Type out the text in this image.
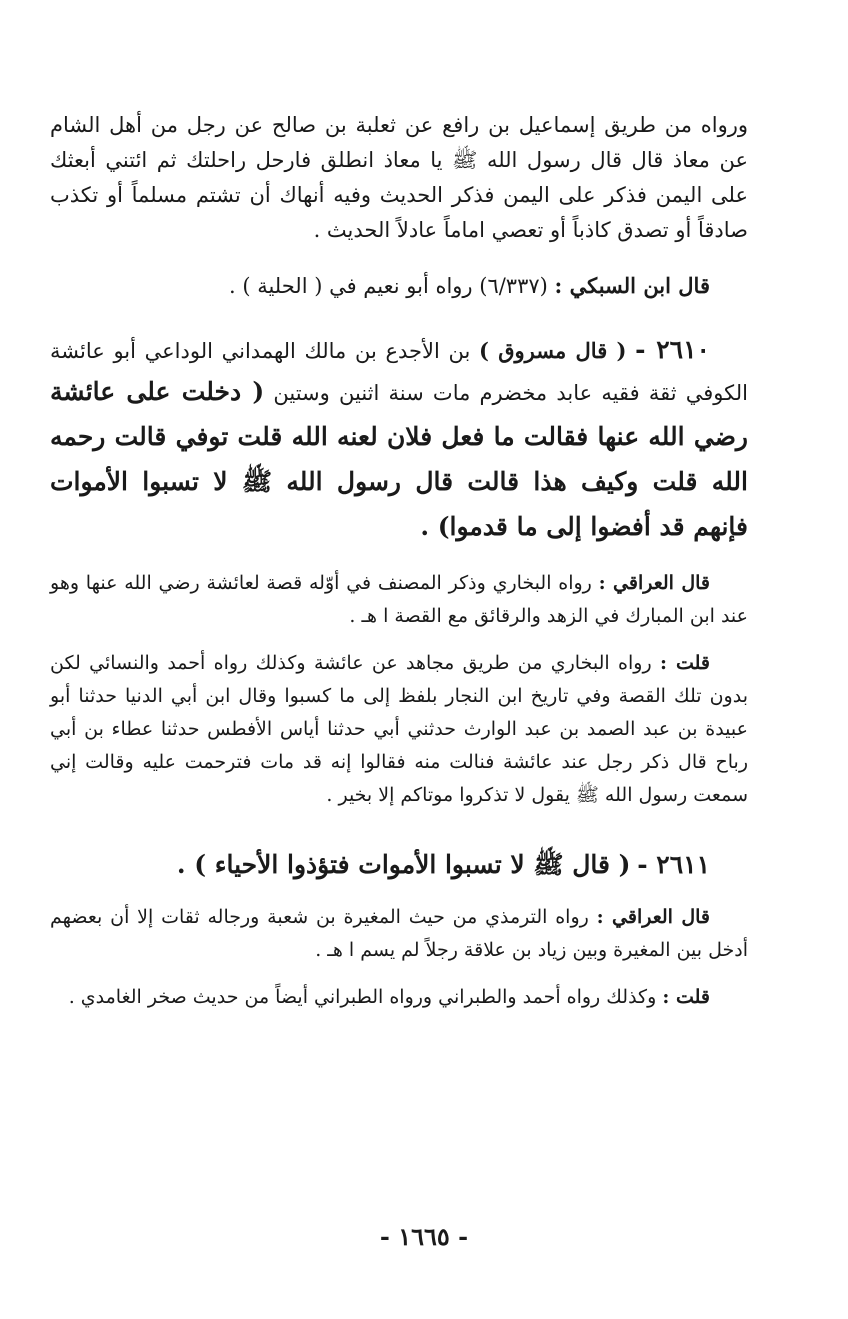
ورواه من طريق إسماعيل بن رافع عن ثعلبة بن صالح عن رجل من أهل الشام عن معاذ قال قال رسول الله ﷺ يا معاذ انطلق فارحل راحلتك ثم ائتني أبعثك على اليمن فذكر على اليمن فذكر الحديث وفيه أنهاك أن تشتم مسلماً أو تكذب صادقاً أو تصدق كاذباً أو تعصي اماماً عادلاً الحديث .

قال ابن السبكي : (٦/٣٣٧) رواه أبو نعيم في ( الحلية ) .

٢٦١٠ - ( قال مسروق ) بن الأجدع بن مالك الهمداني الوداعي أبو عائشة الكوفي ثقة فقيه عابد مخضرم مات سنة اثنين وستين ( دخلت على عائشة رضي الله عنها فقالت ما فعل فلان لعنه الله قلت توفي قالت رحمه الله قلت وكيف هذا قالت قال رسول الله ﷺ لا تسبوا الأموات فإنهم قد أفضوا إلى ما قدموا) .

قال العراقي : رواه البخاري وذكر المصنف في أوّله قصة لعائشة رضي الله عنها وهو عند ابن المبارك في الزهد والرقائق مع القصة ا هـ .

قلت : رواه البخاري من طريق مجاهد عن عائشة وكذلك رواه أحمد والنسائي لكن بدون تلك القصة وفي تاريخ ابن النجار بلفظ إلى ما كسبوا وقال ابن أبي الدنيا حدثنا أبو عبيدة بن عبد الصمد بن عبد الوارث حدثني أبي حدثنا أياس الأفطس حدثنا عطاء بن أبي رباح قال ذكر رجل عند عائشة فنالت منه فقالوا إنه قد مات فترحمت عليه وقالت إني سمعت رسول الله ﷺ يقول لا تذكروا موتاكم إلا بخير .

٢٦١١ - ( قال ﷺ لا تسبوا الأموات فتؤذوا الأحياء ) .

قال العراقي : رواه الترمذي من حيث المغيرة بن شعبة ورجاله ثقات إلا أن بعضهم أدخل بين المغيرة وبين زياد بن علاقة رجلاً لم يسم ا هـ .

قلت : وكذلك رواه أحمد والطبراني ورواه الطبراني أيضاً من حديث صخر الغامدي .

- ١٦٦٥ -
